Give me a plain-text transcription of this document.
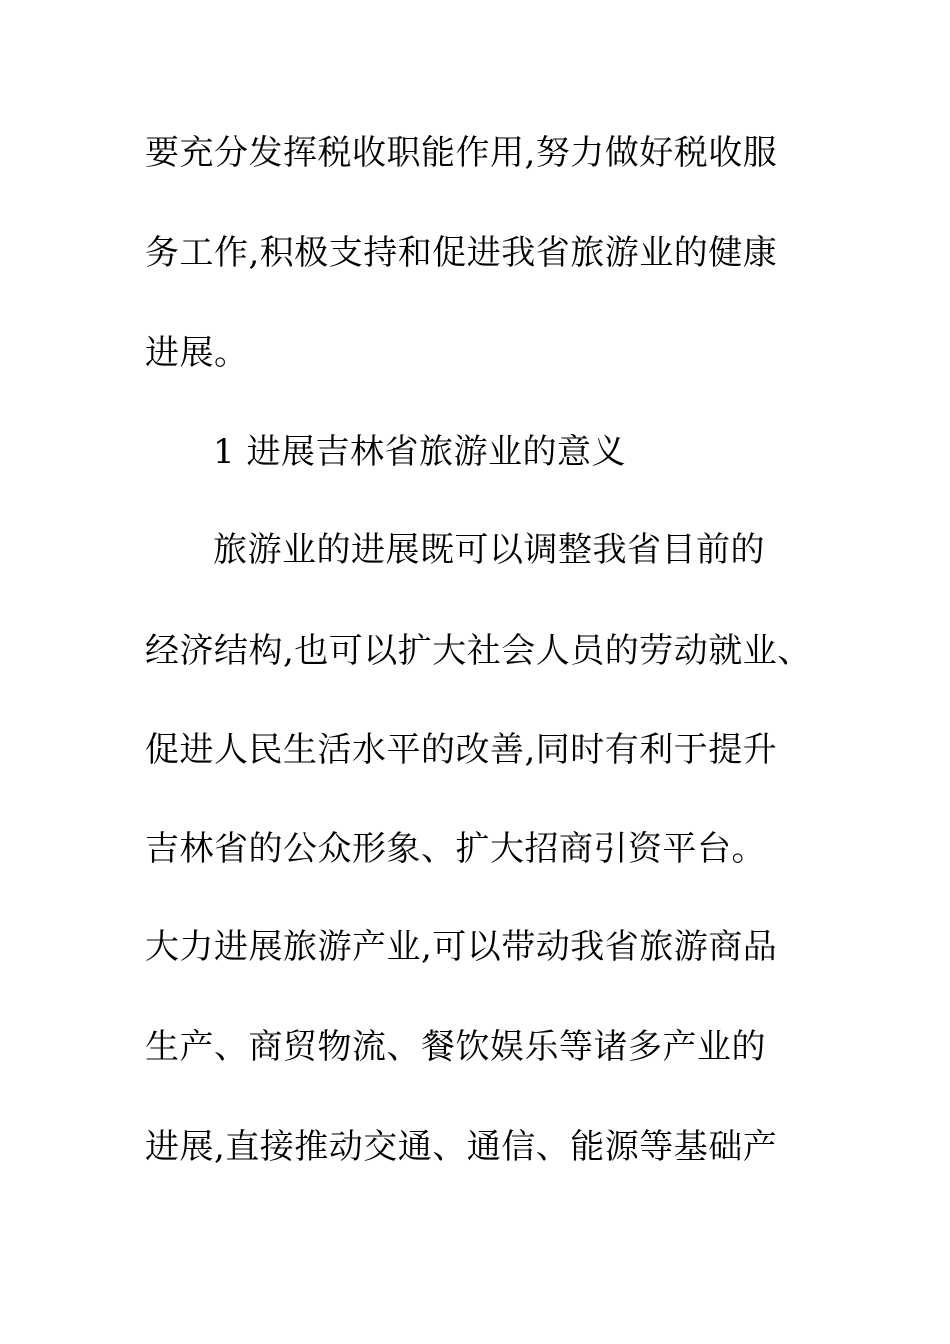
要充分发挥税收职能作用,努力做好税收服
务工作,积极支持和促进我省旅游业的健康
进展。
1 进展吉林省旅游业的意义
旅游业的进展既可以调整我省目前的
经济结构,也可以扩大社会人员的劳动就业、
促进人民生活水平的改善,同时有利于提升
吉林省的公众形象、扩大招商引资平台。
大力进展旅游产业,可以带动我省旅游商品
生产、商贸物流、餐饮娱乐等诸多产业的
进展,直接推动交通、通信、能源等基础产
